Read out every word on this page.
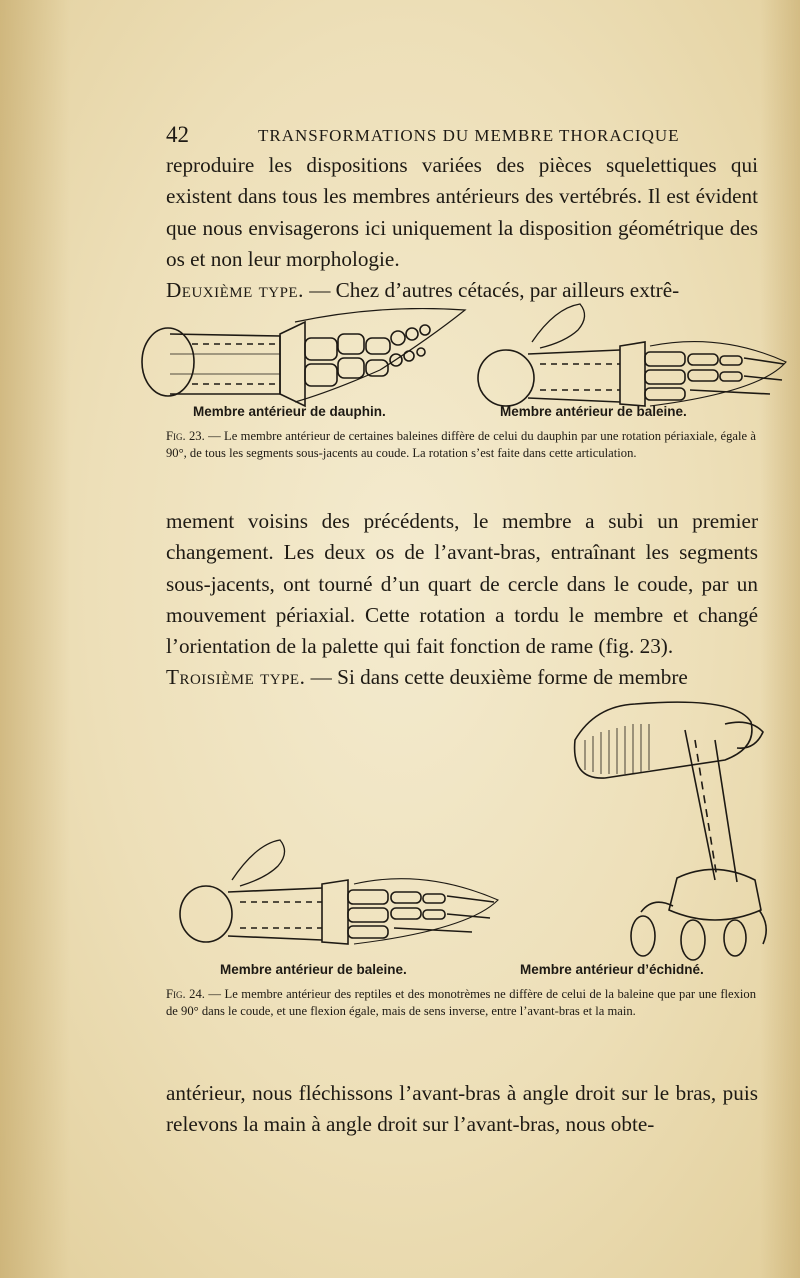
42	TRANSFORMATIONS DU MEMBRE THORACIQUE

reproduire les dispositions variées des pièces squelettiques qui existent dans tous les membres antérieurs des vertébrés. Il est évident que nous envisagerons ici uniquement la disposition géométrique des os et non leur morphologie.
Deuxième type. — Chez d’autres cétacés, par ailleurs extrê-

Membre antérieur de dauphin.	Membre antérieur de baleine.

Fig. 23. — Le membre antérieur de certaines baleines diffère de celui du dauphin par une rotation périaxiale, égale à 90°, de tous les segments sous-jacents au coude. La rotation s’est faite dans cette articulation.

mement voisins des précédents, le membre a subi un premier changement. Les deux os de l’avant-bras, entraînant les segments sous-jacents, ont tourné d’un quart de cercle dans le coude, par un mouvement périaxial. Cette rotation a tordu le membre et changé l’orientation de la palette qui fait fonction de rame (fig. 23).
Troisième type. — Si dans cette deuxième forme de membre

Membre antérieur de baleine.	Membre antérieur d’échidné.

Fig. 24. — Le membre antérieur des reptiles et des monotrèmes ne diffère de celui de la baleine que par une flexion de 90° dans le coude, et une flexion égale, mais de sens inverse, entre l’avant-bras et la main.

antérieur, nous fléchissons l’avant-bras à angle droit sur le bras, puis relevons la main à angle droit sur l’avant-bras, nous obte-
